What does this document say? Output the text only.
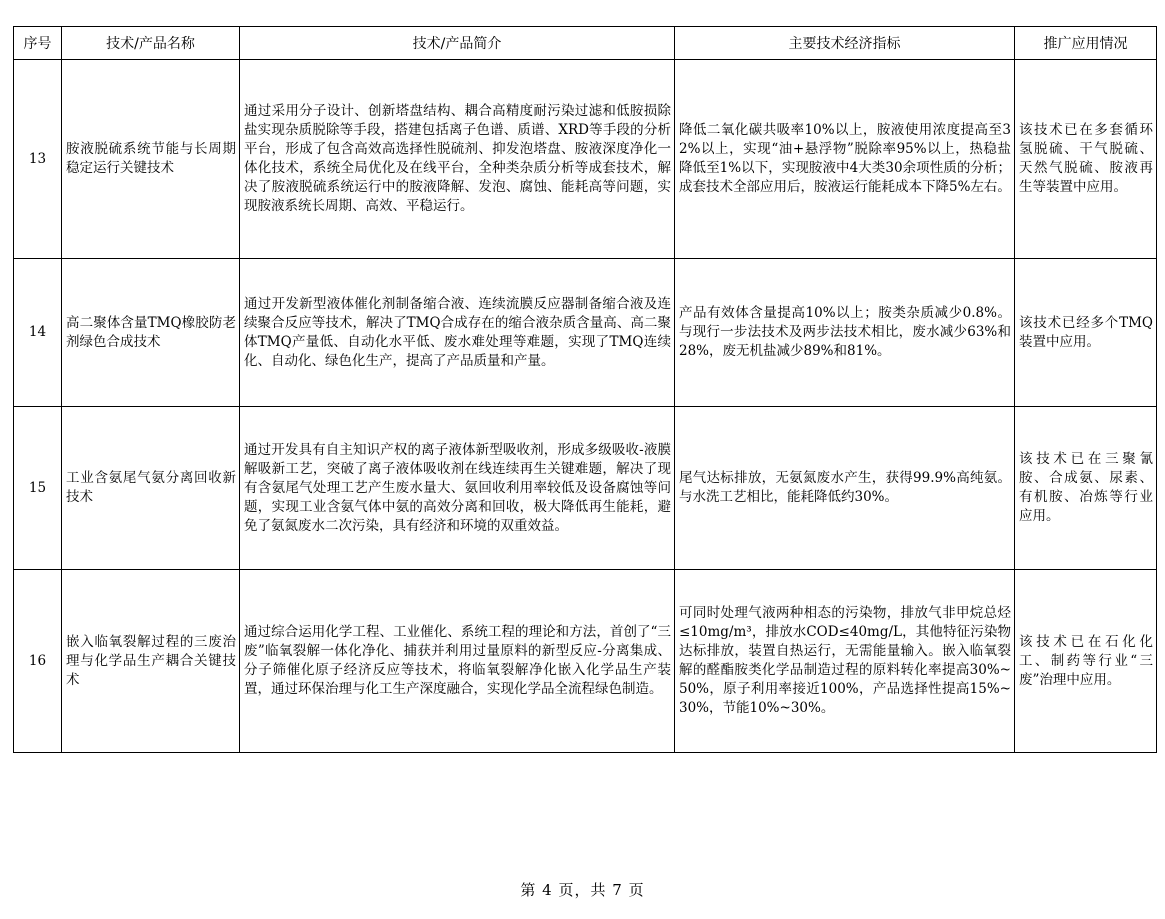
序号	技术/产品名称	技术/产品简介	主要技术经济指标	推广应用情况
13	胺液脱硫系统节能与长周期稳定运行关键技术	通过采用分子设计、创新塔盘结构、耦合高精度耐污染过滤和低胺损除盐实现杂质脱除等手段，搭建包括离子色谱、质谱、XRD等手段的分析平台，形成了包含高效高选择性脱硫剂、抑发泡塔盘、胺液深度净化一体化技术，系统全局优化及在线平台，全种类杂质分析等成套技术，解决了胺液脱硫系统运行中的胺液降解、发泡、腐蚀、能耗高等问题，实现胺液系统长周期、高效、平稳运行。	降低二氧化碳共吸率10%以上，胺液使用浓度提高至32%以上，实现“油+悬浮物”脱除率95%以上，热稳盐降低至1%以下，实现胺液中4大类30余项性质的分析；成套技术全部应用后，胺液运行能耗成本下降5%左右。	该技术已在多套循环氢脱硫、干气脱硫、天然气脱硫、胺液再生等装置中应用。
14	高二聚体含量TMQ橡胶防老剂绿色合成技术	通过开发新型液体催化剂制备缩合液、连续流膜反应器制备缩合液及连续聚合反应等技术，解决了TMQ合成存在的缩合液杂质含量高、高二聚体TMQ产量低、自动化水平低、废水难处理等难题，实现了TMQ连续化、自动化、绿色化生产，提高了产品质量和产量。	产品有效体含量提高10%以上；胺类杂质减少0.8%。与现行一步法技术及两步法技术相比，废水减少63%和28%，废无机盐减少89%和81%。	该技术已经多个TMQ装置中应用。
15	工业含氨尾气氨分离回收新技术	通过开发具有自主知识产权的离子液体新型吸收剂，形成多级吸收-液膜解吸新工艺，突破了离子液体吸收剂在线连续再生关键难题，解决了现有含氨尾气处理工艺产生废水量大、氨回收利用率较低及设备腐蚀等问题，实现工业含氨气体中氨的高效分离和回收，极大降低再生能耗，避免了氨氮废水二次污染，具有经济和环境的双重效益。	尾气达标排放，无氨氮废水产生，获得99.9%高纯氨。与水洗工艺相比，能耗降低约30%。	该技术已在三聚氰胺、合成氨、尿素、有机胺、冶炼等行业应用。
16	嵌入临氧裂解过程的三废治理与化学品生产耦合关键技术	通过综合运用化学工程、工业催化、系统工程的理论和方法，首创了“三废”临氧裂解一体化净化、捕获并利用过量原料的新型反应-分离集成、分子筛催化原子经济反应等技术，将临氧裂解净化嵌入化学品生产装置，通过环保治理与化工生产深度融合，实现化学品全流程绿色制造。	可同时处理气液两种相态的污染物，排放气非甲烷总烃≤10mg/m³，排放水COD≤40mg/L，其他特征污染物达标排放，装置自热运行，无需能量输入。嵌入临氧裂解的醛酯胺类化学品制造过程的原料转化率提高30%~50%，原子利用率接近100%，产品选择性提高15%~30%，节能10%~30%。	该技术已在石化化工、制药等行业“三废”治理中应用。
第 4 页，共 7 页
